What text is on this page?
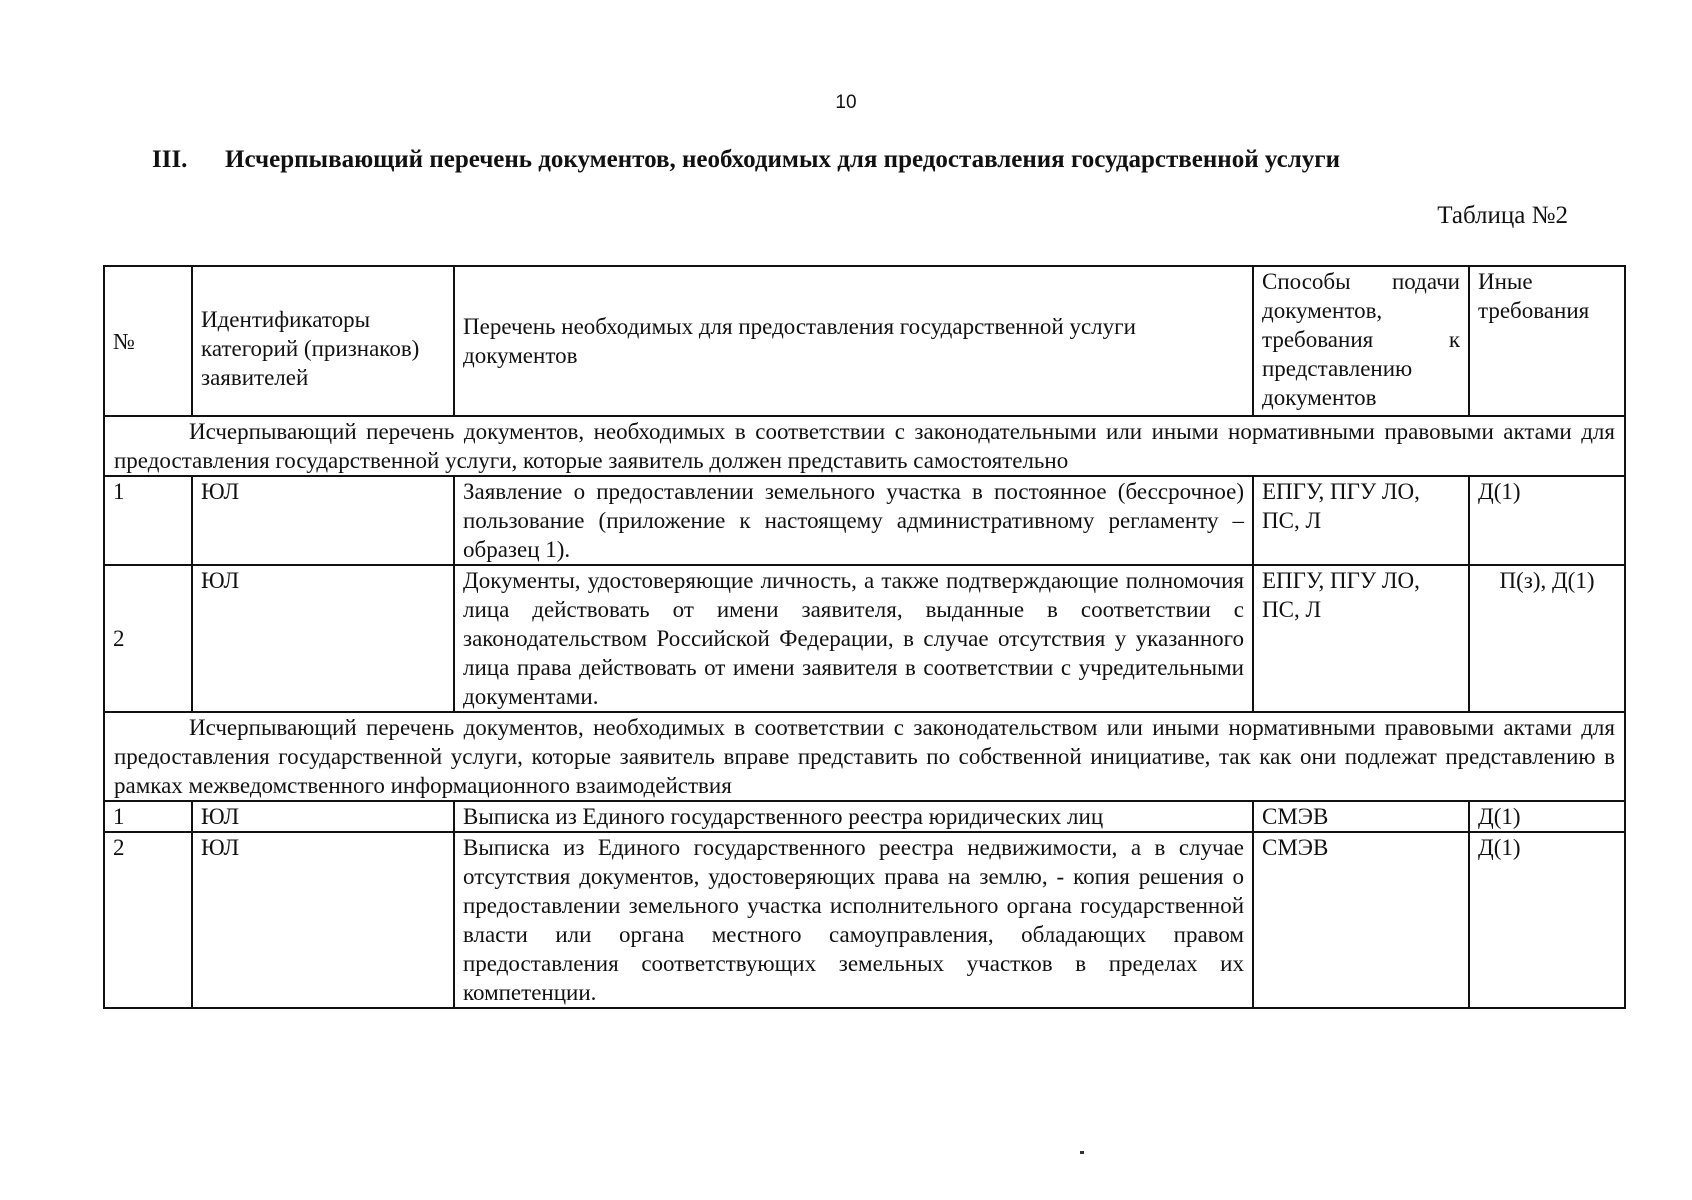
10
III. Исчерпывающий перечень документов, необходимых для предоставления государственной услуги
Таблица №2
№	Идентификаторы категорий (признаков) заявителей	Перечень необходимых для предоставления государственной услуги документов	Способы подачи документов, требования к представлению документов	Иные требования
Исчерпывающий перечень документов, необходимых в соответствии с законодательными или иными нормативными правовыми актами для предоставления государственной услуги, которые заявитель должен представить самостоятельно				
1	ЮЛ	Заявление о предоставлении земельного участка в постоянное (бессрочное) пользование (приложение к настоящему административному регламенту – образец 1).	ЕПГУ, ПГУ ЛО, ПС, Л	Д(1)
2	ЮЛ	Документы, удостоверяющие личность, а также подтверждающие полномочия лица действовать от имени заявителя, выданные в соответствии с законодательством Российской Федерации, в случае отсутствия у указанного лица права действовать от имени заявителя в соответствии с учредительными документами.	ЕПГУ, ПГУ ЛО, ПС, Л	П(з), Д(1)
Исчерпывающий перечень документов, необходимых в соответствии с законодательством или иными нормативными правовыми актами для предоставления государственной услуги, которые заявитель вправе представить по собственной инициативе, так как они подлежат представлению в рамках межведомственного информационного взаимодействия				
1	ЮЛ	Выписка из Единого государственного реестра юридических лиц	СМЭВ	Д(1)
2	ЮЛ	Выписка из Единого государственного реестра недвижимости, а в случае отсутствия документов, удостоверяющих права на землю, - копия решения о предоставлении земельного участка исполнительного органа государственной власти или органа местного самоуправления, обладающих правом предоставления соответствующих земельных участков в пределах их компетенции.	СМЭВ	Д(1)
